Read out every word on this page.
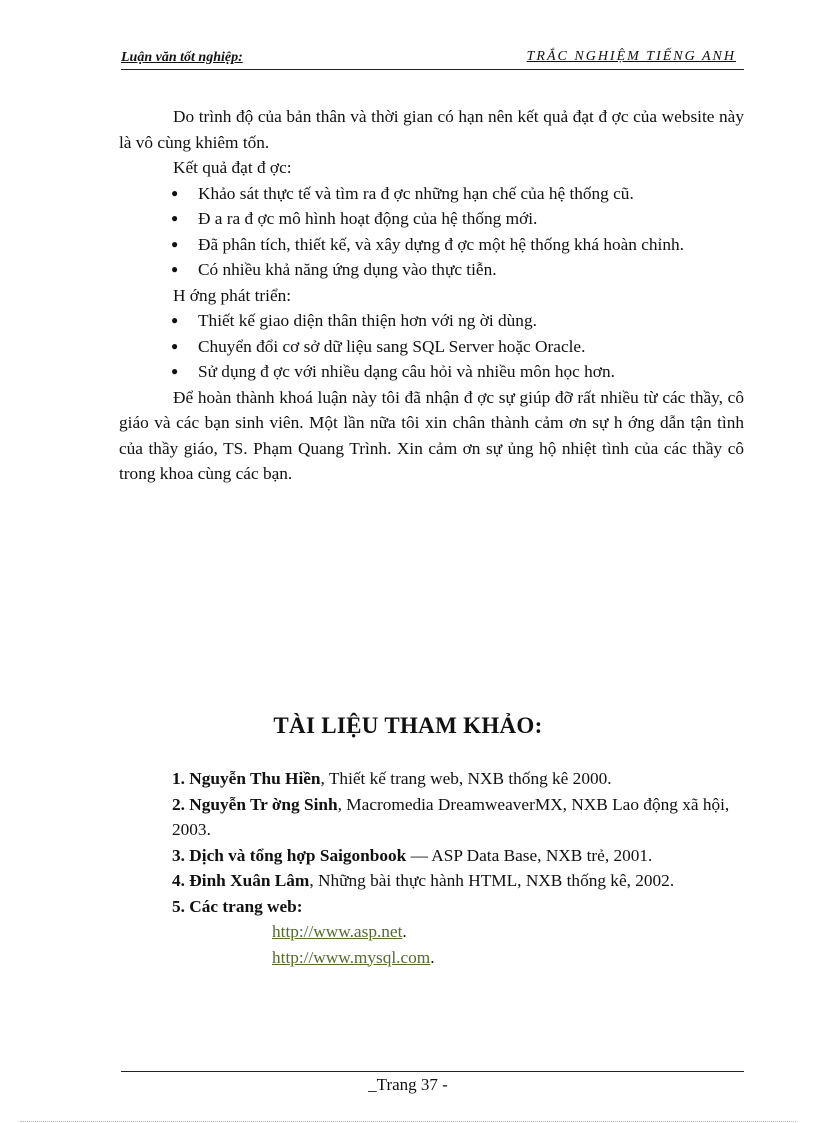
Luận văn tốt nghiệp:	TRẮC NGHIỆM TIẾNG ANH

Do trình độ của bản thân và thời gian có hạn nên kết quả đạt đ ợc của website này là vô cùng khiêm tốn.

Kết quả đạt đ ợc:

● Khảo sát thực tế và tìm ra đ ợc những hạn chế của hệ thống cũ.

● Đ a ra đ ợc mô hình hoạt động của hệ thống mới.

● Đã phân tích, thiết kế, và xây dựng đ ợc một hệ thống khá hoàn chỉnh.

● Có nhiều khả năng ứng dụng vào thực tiễn.

H ớng phát triển:

● Thiết kế giao diện thân thiện hơn với ng ời dùng.

● Chuyển đổi cơ sở dữ liệu sang SQL Server hoặc Oracle.

● Sử dụng đ ợc với nhiều dạng câu hỏi và nhiều môn học hơn.

Để hoàn thành khoá luận này tôi đã nhận đ ợc sự giúp đỡ rất nhiều từ các thầy, cô giáo và các bạn sinh viên. Một lần nữa tôi xin chân thành cảm ơn sự h ớng dẫn tận tình của thầy giáo, TS. Phạm Quang Trình. Xin cảm ơn sự ủng hộ nhiệt tình của các thầy cô trong khoa cùng các bạn.

TÀI LIỆU THAM KHẢO:

1. Nguyễn Thu Hiền, Thiết kế trang web, NXB thống kê 2000.

2. Nguyễn Tr ờng Sinh, Macromedia DreamweaverMX, NXB Lao động xã hội, 2003.

3. Dịch và tổng hợp Saigonbook — ASP Data Base, NXB trẻ, 2001.

4. Đinh Xuân Lâm, Những bài thực hành HTML, NXB thống kê, 2002.

5. Các trang web:

http://www.asp.net.

http://www.mysql.com.

_Trang 37 -
